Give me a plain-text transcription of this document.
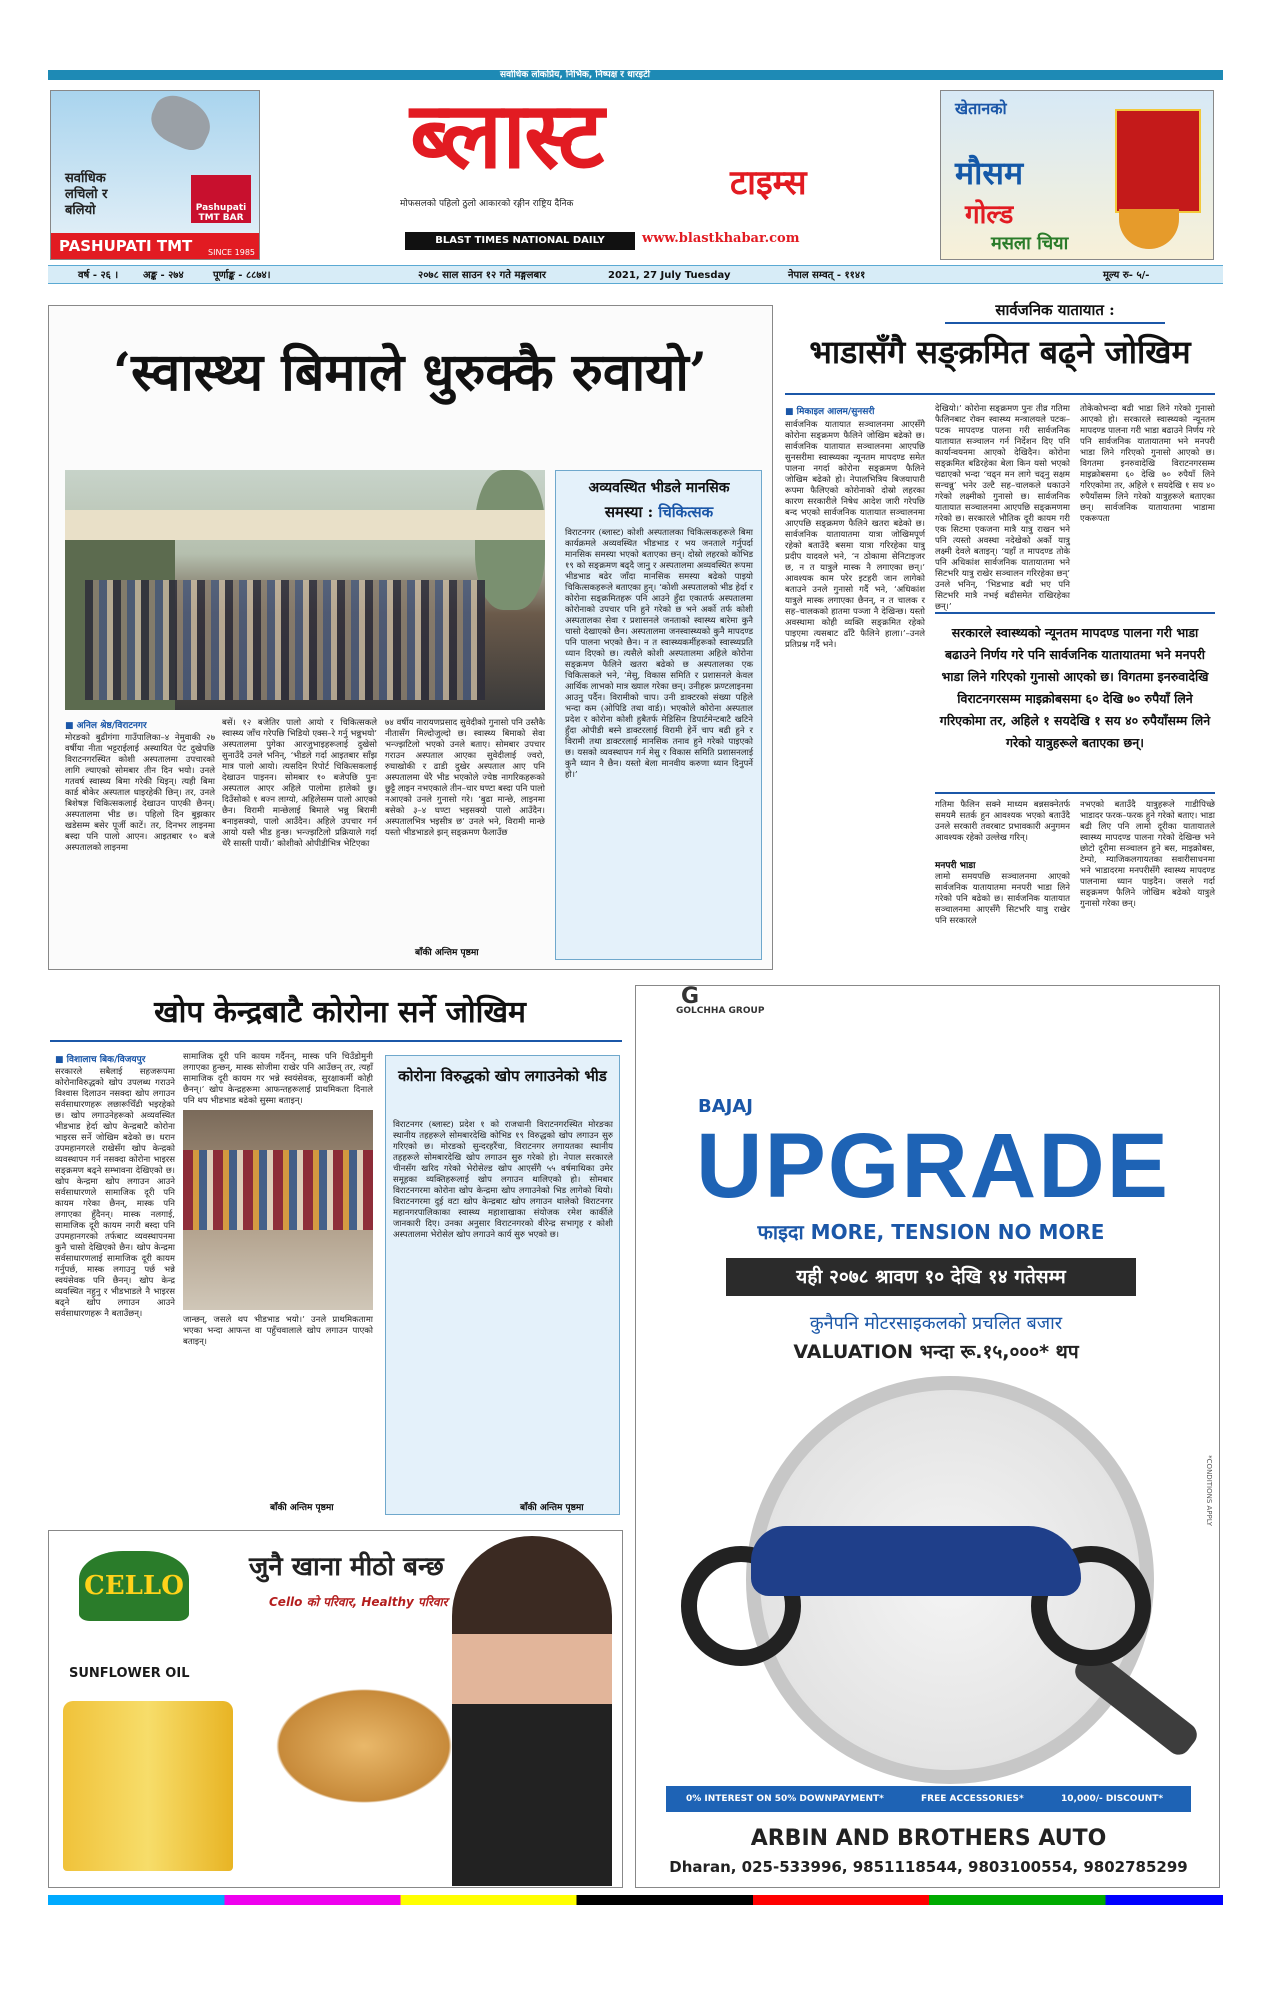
सर्वाधिक लोकप्रिय, निर्भिक, निष्पक्ष र धारइटी
सर्वाधिक
लचिलो र
बलियो	Pashupati TMT BAR
PASHUPATI TMT	SINCE 1985
ब्लास्ट	टाइम्स
मोफसलको पहिलो ठुलो आकारको रङ्गीन राष्ट्रिय दैनिक
BLAST TIMES NATIONAL DAILY	www.blastkhabar.com
खेतानको
मौसम
गोल्ड
मसला चिया
वर्ष - २६ । अङ्क - २७४	पूर्णाङ्क - ८८७४।	२०७८ साल साउन १२ गते मङ्गलबार	2021, 27 July Tuesday	नेपाल सम्वत् - ११४१	मूल्य रु- ५/-
‘स्वास्थ्य बिमाले धुरुक्कै रुवायो’
■ अनिल श्रेष्ठ/विराटनगर
मोरङको बुढीगंगा गाउँपालिका–४ नेमुवाकी २७ वर्षीया नीता भट्टराईलाई अस्थायित पेट दुखेपछि विराटनगरस्थित कोशी अस्पतालमा उपचारको लागि ल्याएको सोमबार तीन दिन भयो। उनले गतवर्ष स्वास्थ्य बिमा गरेकी थिइन्। त्यही बिमा कार्ड बोकेर अस्पताल धाइरहेकी छिन्। तर, उनले बिशेषज्ञ चिकित्सकलाई देखाउन पाएकी छैनन्। अस्पतालमा भीड छ। पहिलो दिन बुझकार खडेसम्म बसेर पूर्जी काटें। तर, दिनभर लाइनमा बस्दा पनि पालो आएन। आइतबार १० बजे अस्पतालको लाइनमा
बसें। १२ बजेतिर पालो आयो र चिकित्सकले स्वास्थ्य जाँच गरेपछि भिडियो एक्स–रे गर्नु भन्नुभयो’ अस्पतालमा पुगेका आरजुभाइहरूलाई दुखेसो सुनाउँदै उनले भनिन्, ‘भीडले गर्दा आइतबार साँझ मात्र पालो आयो। त्यसदिन रिपोर्ट चिकित्सकलाई देखाउन पाइनन। सोमबार १० बजेपछि पुनः अस्पताल आएर अहिले पालोमा हालेको छु। दिउँसोको १ बज्न लाग्यो, अहिलेसम्म पालो आएको छैन। विरामी मान्छेलाई बिमाले भन्नु बिरामी बनाइसक्यो, पालो आउँदैन। अहिले उपचार गर्न आयो यस्तै भीड हुन्छ। भन्ज्झटिलो प्रक्रियाले गर्दा धेरै सास्ती पायौं।’ कोशीको ओपीडीभित्र भेटिएका
७४ वर्षीय नारायणप्रसाद सुवेदीको गुनासो पनि उस्तैकै नीतासँग मिल्दोजुल्दो छ। स्वास्थ्य बिमाको सेवा भन्ज्झटिलो भएको उनले बताए। सोमबार उपचार गराउन अस्पताल आएका सुवेदीलाई ज्वरो, रुघाखोकी र ढाडी दुखेर अस्पताल आए पनि अस्पतालमा धेरै भीड भएकोले ज्येष्ठ नागरिकहरूको छुट्टै लाइन नभएकाले तीन–चार घण्टा बस्दा पनि पालो नआएको उनले गुनासो गरे। ‘बुढा मान्छे, लाइनमा बसेको ३–४ घण्टा भइसक्यो पालो आउँदैन। अस्पतालभित्र भइसीत्र छ’ उनले भने, विरामी मान्छे यस्तो भीडभाडले झन् सङ्क्रमण फैलाउँछ
बाँकी अन्तिम पृष्ठमा
अव्यवस्थित भीडले मानसिक
समस्या : चिकित्सक
विराटनगर (ब्लास्ट) कोशी अस्पतालका चिकित्सकहरूले बिमा कार्यक्रमले अव्यवस्थित भीडभाड र भय जनताले गर्नुपर्दा मानसिक समस्या भएको बताएका छन्। दोस्रो लहरको कोभिड १९ को सङ्क्रमण बढ्दै जानु र अस्पतालमा अव्यवस्थित रूपमा भीडभाड बढेर जाँदा मानसिक समस्या बढेको पाइयो चिकित्सकहरूले बताएका हुन्। ‘कोशी अस्पतालको भीड हेर्दा र कोरोना सङ्क्रमितहरू पनि आउने हुँदा एकातर्फ अस्पतालमा कोरोनाको उपचार पनि हुने गरेको छ भने अर्को तर्फ कोशी अस्पतालका सेवा र प्रशासनले जनताको स्वास्थ्य बारेमा कुनै चासो देखाएको छैन। अस्पतालमा जनस्वास्थ्यको कुनै मापदण्ड पनि पालना भएको छैन। न त स्वास्थ्यकर्मीहरूको स्वास्थ्यप्रति ध्यान दिएको छ। त्यसैले कोशी अस्पतालमा अहिले कोरोना सङ्क्रमण फैलिने खतरा बढेको छ अस्पतालका एक चिकित्सकले भने, ‘मेसु, विकास समिति र प्रशासनले केवल आर्थिक लाभको मात्र ख्याल गरेका छन्। उनीहरू फ्रण्टलाइनमा आउनु पर्दैन। विरामीको चाप। उनी डाक्टरको संख्या पहिले भन्दा कम (ओपिडि तथा वार्ड)। भएकोले कोरोना अस्पताल प्रदेश र कोरोना कोशी हुबैतर्फ मेडिसिन डिपार्टमेन्टबाटै खटिने हुँदा ओपीडी बस्ने डाक्टरलाई विरामी हेर्ने चाप बढी हुने र विरामी तथा डाक्टरलाई मानसिक तनाव हुने गरेको पाइएको छ। यसको व्यवस्थापन गर्न मेसु र विकास समिति प्रशासनलाई कुनै ध्यान नै छैन। यस्तो बेला मानवीय करुणा ध्यान दिनुपर्ने हो।’
सार्वजनिक यातायात :
भाडासँगै सङ्क्रमित बढ्ने जोखिम
■ मिकाइल आलम/सुनसरी
सार्वजनिक यातायात सञ्चालनमा आएसँगै कोरोना सङ्क्रमण फैलिने जोखिम बढेको छ। सार्वजनिक यातायात सञ्चालनमा आएपछि सुनसरीमा स्वास्थ्यका न्यूनतम मापदण्ड समेत पालना नगर्दा कोरोना सङ्क्रमण फैलिने जोखिम बढेको हो। नेपालभित्रिय बिजयापारी रूपमा फैलिएको कोरोनाको दोस्रो लहरका कारण सरकारीले निषेध आदेश जारी गरेपछि बन्द भएको सार्वजनिक यातायात सञ्चालनमा आएपछि सङ्क्रमण फैलिने खतरा बढेको छ। सार्वजनिक यातायातमा यात्रा जोखिमपूर्ण रहेको बताउँदै बसमा यात्रा गरिरहेका यात्रु प्रदीप यादवले भने, ‘न ठोकामा सेनिटाइजर छ, न त यात्रुले मास्क नै लगाएका छन्।’ आवश्यक काम परेर इटहरी जान लागेको बताउने उनले गुनासो गर्दै भने, ‘अधिकांश यात्रुले मास्क लगाएका छैनन्, न त चालक र सह–चालकको हातमा पञ्जा नै देखिन्छ। यस्तो अवस्थामा कोही व्यक्ति सङ्क्रमित रहेको पाइएमा त्यसबाट ढाँटै फैलिने हाला।’–उनले प्रतिप्रश्न गर्दै भने।
देखियो।’ कोरोना सङ्क्रमण पुनः तीव्र गतिमा फैलिनबाट रोक्न स्वास्थ्य मन्त्रालयले पटक–पटक मापदण्ड पालना गरी सार्वजनिक यातायात सञ्चालन गर्न निर्देशन दिए पनि कार्यान्वयनमा आएको देखिदैन। कोरोना सङ्क्रमित बढिरहेका बेला किन यसो भएको चढाएको भन्दा ‘चढ्न मन लागे चढ्नु सक्षम सन्चन्नु’ भनेर उल्टै सह–चालकले धकाउने गरेको लक्ष्मीको गुनासो छ। सार्वजनिक यातायात सञ्चालनमा आएपछि सङ्क्रमणमा गरेको छ। सरकारले भौतिक दूरी कायम गरी एक सिटमा एकजना मात्रै यात्रु राखन भने पनि त्यस्तो अवस्था नदेखेको अर्को यात्रु लक्ष्मी देवले बताइन्। ‘यहाँ त मापदण्ड तोके पनि अधिकांश सार्वजनिक यातायातमा भने सिटभरि यात्रु राखेर सञ्चालन गरिरहेका छन्’ उनले भनिन्, ‘भिडभाड बढी भए पनि सिटभरि मात्रै नभई बढीसमेत राखिरहेका छन्।’
तोकेकोभन्दा बढी भाडा लिने गरेको गुनासो आएको हो। सरकारले स्वास्थ्यको न्यूनतम मापदण्ड पालना गरी भाडा बढाउने निर्णय गरे पनि सार्वजनिक यातायातमा भने मनपरी भाडा लिने गरिएको गुनासो आएको छ। विगतमा इनरुवादेखि विराटनगरसम्म माइक्रोबसमा ६० देखि ७० रुपैयाँ लिने गरिएकोमा तर, अहिले १ सयदेखि १ सय ४० रुपैयाँसम्म लिने गरेको यात्रुहरूले बताएका छन्। सार्वजनिक यातायातमा भाडामा एकरूपता
सरकारले स्वास्थ्यको न्यूनतम मापदण्ड पालना गरी भाडा बढाउने निर्णय गरे पनि सार्वजनिक यातायातमा भने मनपरी भाडा लिने गरिएको गुनासो आएको छ। विगतमा इनरुवादेखि विराटनगरसम्म माइक्रोबसमा ६० देखि ७० रुपैयाँ लिने गरिएकोमा तर, अहिले १ सयदेखि १ सय ४० रुपैयाँसम्म लिने गरेको यात्रुहरूले बताएका छन्।
गतिमा फैलिन सक्ने माध्यम बन्नसक्नेतर्फ समयमै सतर्क हुन आवश्यक भएको बताउँदै उनले सरकारी तवरबाट प्रभावकारी अनुगमन आवश्यक रहेको उल्लेख गरिन्।
मनपरी भाडा
लामो समयपछि सञ्चालनमा आएको सार्वजनिक यातायातमा मनपरी भाडा लिने गरेको पनि बढेको छ। सार्वजनिक यातायात सञ्चालनमा आएसँगै सिटभरि यात्रु राखेर पनि सरकारले
नभएको बताउँदै यात्रुहरूले गाडीपिच्छे भाडादर फरक–फरक हुने गरेको बताए। भाडा बढी लिए पनि लामो दूरीका यातायातले स्वास्थ्य मापदण्ड पालना गरेको देखिन्छ भने छोटो दूरीमा सञ्चालन हुने बस, माइक्रोबस, टेम्पो, म्याजिकलगायतका सवारीसाधनमा भने भाडादरमा मनपरीसँगै स्वास्थ्य मापदण्ड पालनामा ध्यान पाइदैन। जसले गर्दा सङ्क्रमण फैलिने जोखिम बढेको यात्रुले गुनासो गरेका छन्।
खोप केन्द्रबाटै कोरोना सर्ने जोखिम
■ विशालाच बिक/विजयपुर
सरकारले सबैलाई सहजरूपमा कोरोनाविरुद्धको खोप उपलब्ध गराउने विश्वास दिलाउन नसक्दा खोप लगाउन सर्वसाधारणहरू लछारूचिँढी भइरहेको छ। खोप लगाउनेहरूको अव्यवस्थित भीडभाड हेर्दा खोप केन्द्रबाटै कोरोना भाइरस सर्ने जोखिम बढेको छ। धरान उपमहानगरले राखेसँग खोप केन्द्रको व्यवस्थापन गर्न नसक्दा कोरोना भाइरस सङ्क्रमण बढ्ने सम्भावना देखिएको छ। खोप केन्द्रमा खोप लगाउन आउने सर्वसाधारणले सामाजिक दूरी पनि कायम गरेका छैनन्, मास्क पनि लगाएका हुँदैनन्। मास्क नलगाई, सामाजिक दूरी कायम नगरी बस्दा पनि उपमहानगरको तर्फबाट व्यवस्थापनमा कुनै चासो देखिएको छैन। खोप केन्द्रमा सर्वसाधारणलाई सामाजिक दूरी कायम गर्नुपर्छ, मास्क लगाउनु पर्छ भन्ने स्वयंसेवक पनि छैनन्। खोप केन्द्र व्यवस्थित नहुनु र भीडभाडले नै भाइरस बढ्ने खोप लगाउन आउने सर्वसाधारणहरू नै बताउँछन्।
सामाजिक दूरी पनि कायम गर्दैनन्, मास्क पनि चिउँडोमुनी लगाएका हुन्छन्, मास्क सोजीमा राखेर पनि आउँछन् तर, त्यहाँ सामाजिक दूरी कायम गर भन्ने स्वयंसेवक, सुरक्षाकर्मी कोही छैनन्।’ खोप केन्द्रहरूमा आफन्तहरूलाई प्राथमिकता दिनाले पनि थप भीडभाड बढेको सुस्मा बताइन्।
जान्छन्, जसले थप भीडभाड भयो।’ उनले प्राथमिकतामा भएका भन्दा आफन्त वा पहुँचवालाले खोप लगाउन पाएको बताइन्।
बाँकी अन्तिम पृष्ठमा
कोरोना विरुद्धको खोप लगाउनेको भीड
विराटनगर (ब्लास्ट) प्रदेश १ को राजधानी विराटनगरस्थित मोरङका स्थानीय तहहरूले सोमबारदेखि कोभिड १९ विरुद्धको खोप लगाउन सुरु गरिएको छ। मोरङको सुन्दरहरैंचा, विराटनगर लगायतका स्थानीय तहहरूले सोमबारदेखि खोप लगाउन सुरु गरेको हो। नेपाल सरकारले चीनसँग खरिद गरेको भेरोसेल्ड खोप आएसँगै ५५ वर्षमाथिका उमेर समूहका व्यक्तिहरूलाई खोप लगाउन थालिएको हो। सोमबार विराटनगरमा कोरोना खोप केन्द्रमा खोप लगाउनेको भिड लागेको थियो। विराटनगरमा दुई वटा खोप केन्द्रबाट खोप लगाउन थालेको विराटनगर महानगरपालिकाका स्वास्थ्य महाशाखाका संयोजक रमेश कार्कीले जानकारी दिए। उनका अनुसार विराटनगरको वीरेन्द्र सभागृह र कोशी अस्पतालमा भेरोसेल खोप लगाउने कार्य सुरु भएको छ।
बाँकी अन्तिम पृष्ठमा
G
GOLCHHA GROUP
BAJAJ
UPGRADE
फाइदा MORE, TENSION NO MORE
यही २०७८ श्रावण १० देखि १४ गतेसम्म
कुनैपनि मोटरसाइकलको प्रचलित बजार
VALUATION भन्दा रू.१५,०००* थप
*CONDITIONS APPLY
0% INTEREST ON 50% DOWNPAYMENT*	FREE ACCESSORIES*	10,000/- DISCOUNT*
ARBIN AND BROTHERS AUTO
Dharan, 025-533996, 9851118544, 9803100554, 9802785299
CELLO
SUNFLOWER OIL
जुनै खाना मीठो बन्छ
Cello को परिवार, Healthy परिवार
